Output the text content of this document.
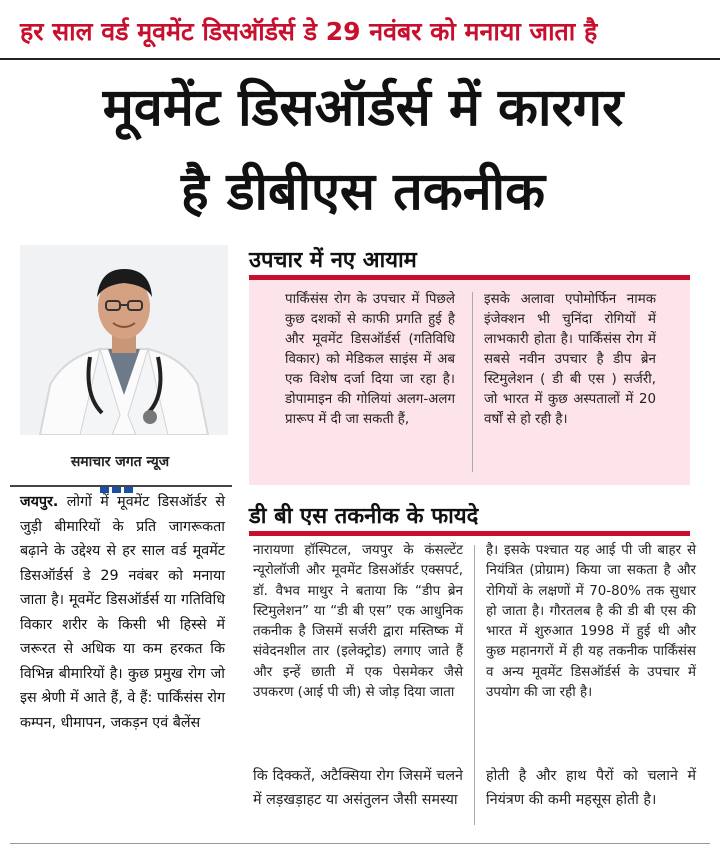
हर साल वर्ड मूवमेंट डिसऑर्डर्स डे 29 नवंबर को मनाया जाता है
मूवमेंट डिसऑर्डर्स में कारगर
है डीबीएस तकनीक
समाचार जगत न्यूज
जयपुर. लोगों में मूवमेंट डिसऑर्डर से जुड़ी बीमारियों के प्रति जागरूकता बढ़ाने के उद्देश्य से हर साल वर्ड मूवमेंट डिसऑर्डर्स डे 29 नवंबर को मनाया जाता है। मूवमेंट डिसऑर्डर्स या गतिविधि विकार शरीर के किसी भी हिस्से में जरूरत से अधिक या कम हरकत कि विभिन्न बीमारियों है। कुछ प्रमुख रोग जो इस श्रेणी में आते हैं, वे हैं: पार्किंसंस रोग कम्पन, धीमापन, जकड़न एवं बैलेंस
उपचार में नए आयाम
पार्किंसंस रोग के उपचार में पिछले कुछ दशकों से काफी प्रगति हुई है और मूवमेंट डिसऑर्डर्स (गतिविधि विकार) को मेडिकल साइंस में अब एक विशेष दर्जा दिया जा रहा है। डोपामाइन की गोलियां अलग-अलग प्रारूप में दी जा सकती हैं,
इसके अलावा एपोमोर्फिन नामक इंजेक्शन भी चुनिंदा रोगियों में लाभकारी होता है। पार्किंसंस रोग में सबसे नवीन उपचार है डीप ब्रेन स्टिमुलेशन ( डी बी एस ) सर्जरी, जो भारत में कुछ अस्पतालों में 20 वर्षों से हो रही है।
डी बी एस तकनीक के फायदे
नारायणा हॉस्पिटल, जयपुर के कंसल्टेंट न्यूरोलॉजी और मूवमेंट डिसऑर्डर एक्सपर्ट, डॉ. वैभव माथुर ने बताया कि “डीप ब्रेन स्टिमुलेशन” या “डी बी एस” एक आधुनिक तकनीक है जिसमें सर्जरी द्वारा मस्तिष्क में संवेदनशील तार (इलेक्ट्रोड) लगाए जाते हैं और इन्हें छाती में एक पेसमेकर जैसे उपकरण (आई पी जी) से जोड़ दिया जाता
है। इसके पश्चात यह आई पी जी बाहर से नियंत्रित (प्रोग्राम) किया जा सकता है और रोगियों के लक्षणों में 70-80% तक सुधार हो जाता है। गौरतलब है की डी बी एस की भारत में शुरुआत 1998 में हुई थी और कुछ महानगरों में ही यह तकनीक पार्किंसंस व अन्य मूवमेंट डिसऑर्डर्स के उपचार में उपयोग की जा रही है।
कि दिक्कतें, अटैक्सिया रोग जिसमें चलने में लड़खड़ाहट या असंतुलन जैसी समस्या
होती है और हाथ पैरों को चलाने में नियंत्रण की कमी महसूस होती है।
